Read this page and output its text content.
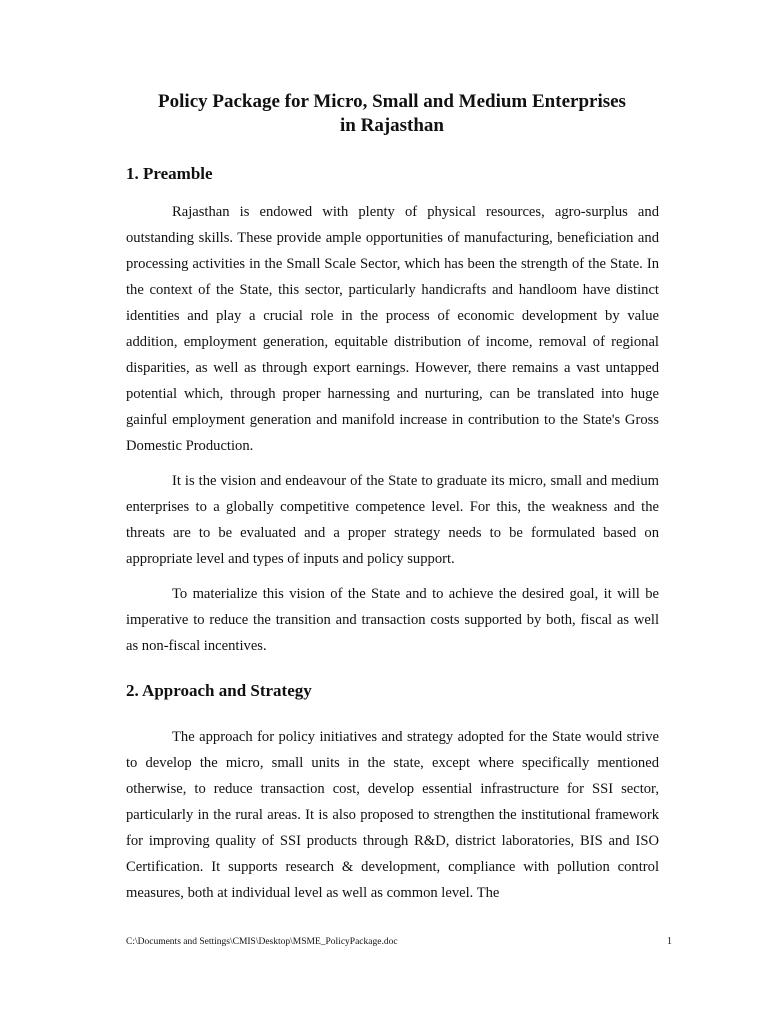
Policy Package for Micro, Small and Medium Enterprises
in Rajasthan
1. Preamble

Rajasthan is endowed with plenty of physical resources, agro-surplus and outstanding skills. These provide ample opportunities of manufacturing, beneficiation and processing activities in the Small Scale Sector, which has been the strength of the State. In the context of the State, this sector, particularly handicrafts and handloom have distinct identities and play a crucial role in the process of economic development by value addition, employment generation, equitable distribution of income, removal of regional disparities, as well as through export earnings. However, there remains a vast untapped potential which, through proper harnessing and nurturing, can be translated into huge gainful employment generation and manifold increase in contribution to the State's Gross Domestic Production.

It is the vision and endeavour of the State to graduate its micro, small and medium enterprises to a globally competitive competence level. For this, the weakness and the threats are to be evaluated and a proper strategy needs to be formulated based on appropriate level and types of inputs and policy support.

To materialize this vision of the State and to achieve the desired goal, it will be imperative to reduce the transition and transaction costs supported by both, fiscal as well as non-fiscal incentives.

2. Approach and Strategy

The approach for policy initiatives and strategy adopted for the State would strive to develop the micro, small units in the state, except where specifically mentioned otherwise, to reduce transaction cost, develop essential infrastructure for SSI sector, particularly in the rural areas. It is also proposed to strengthen the institutional framework for improving quality of SSI products through R&D, district laboratories, BIS and ISO Certification. It supports research & development, compliance with pollution control measures, both at individual level as well as common level. The

C:\Documents and Settings\CMIS\Desktop\MSME_PolicyPackage.doc	1
